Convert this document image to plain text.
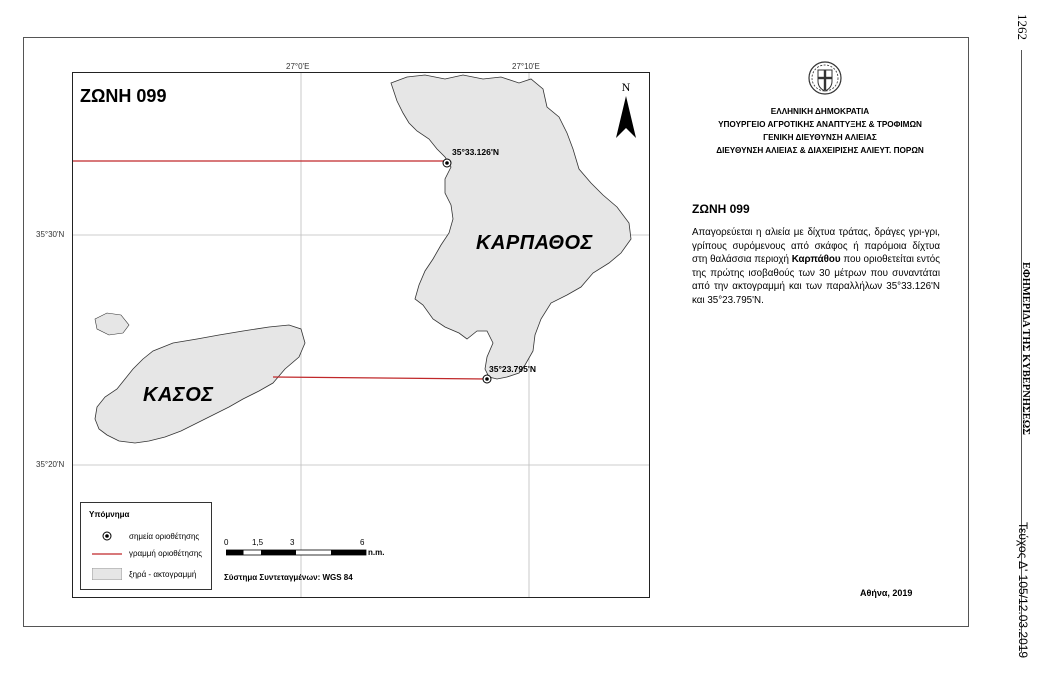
27°0'E	27°10'E
35°30'N
35°20'N
ΖΩΝΗ 099
ΚΑΡΠΑΘΟΣ
ΚΑΣΟΣ
35°33.126'N
35°23.795'N
N
Υπόμνημα
σημεία οριοθέτησης
γραμμή οριοθέτησης
ξηρά - ακτογραμμή
0	1,5	3	6
n.m.
Σύστημα Συντεταγμένων: WGS 84
ΕΛΛΗΝΙΚΗ ΔΗΜΟΚΡΑΤΙΑ
ΥΠΟΥΡΓΕΙΟ ΑΓΡΟΤΙΚΗΣ ΑΝΑΠΤΥΞΗΣ & ΤΡΟΦΙΜΩΝ
ΓΕΝΙΚΗ ΔΙΕΥΘΥΝΣΗ ΑΛΙΕΙΑΣ
ΔΙΕΥΘΥΝΣΗ ΑΛΙΕΙΑΣ & ΔΙΑΧΕΙΡΙΣΗΣ ΑΛΙΕΥΤ. ΠΟΡΩΝ
ΖΩΝΗ 099
Απαγορεύεται η αλιεία με δίχτυα τράτας, δράγες γρι-γρι, γρίπους συρόμενους από σκάφος ή παρόμοια δίχτυα στη θαλάσσια περιοχή Καρπάθου που οριοθετείται εντός της πρώτης ισοβαθούς των 30 μέτρων που συναντάται από την ακτογραμμή και των παραλλήλων 35°33.126'N και 35°23.795'N.
Αθήνα, 2019
1262
ΕΦΗΜΕΡΙΔΑ ΤΗΣ ΚΥΒΕΡΝΗΣΕΩΣ
Τεύχος Δ' 105/12.03.2019
